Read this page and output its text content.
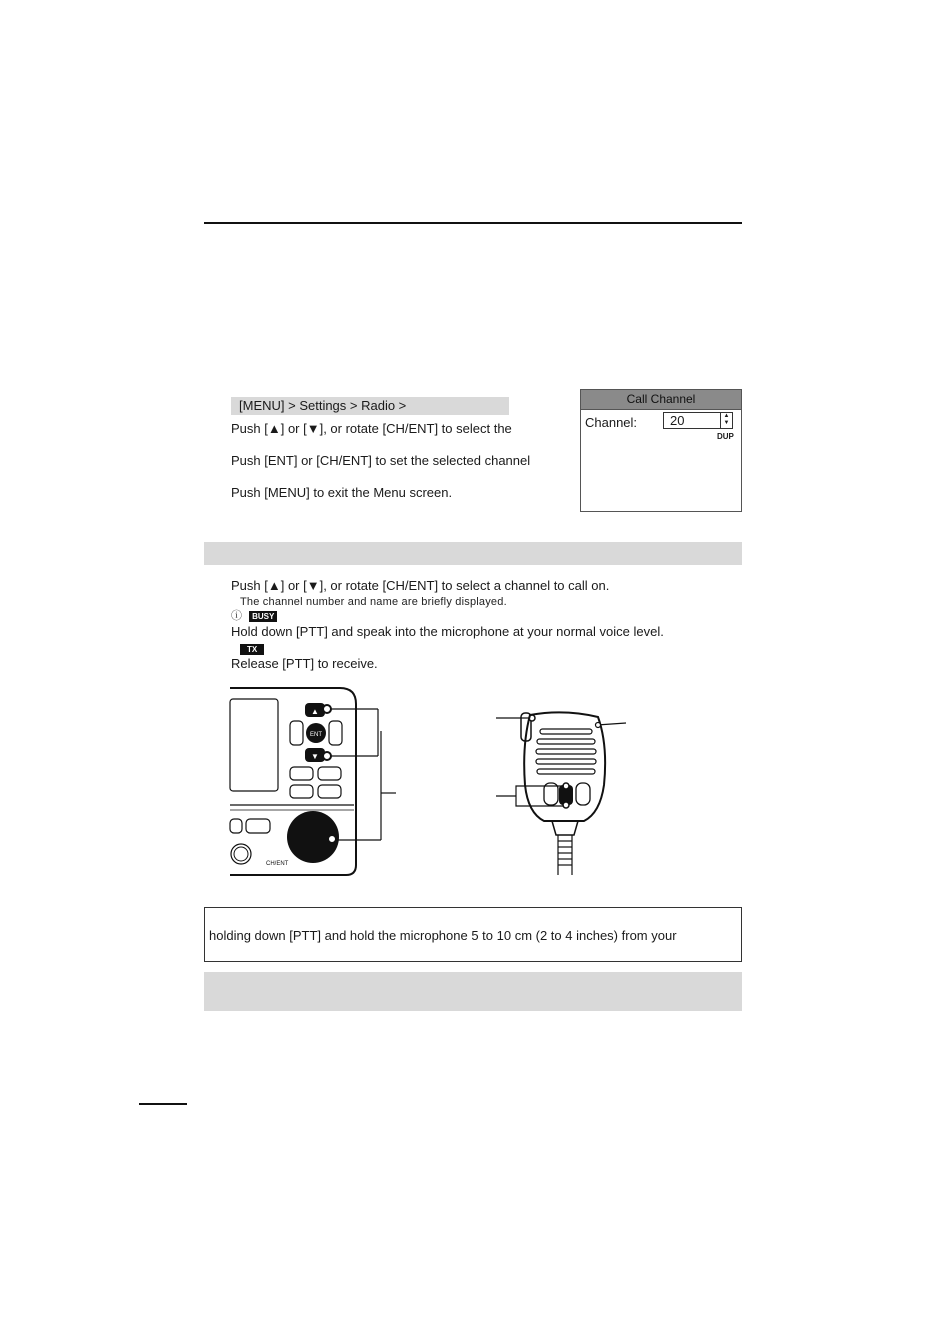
[MENU] > Settings > Radio >
Push [▲] or [▼], or rotate [CH/ENT] to select the
Push [ENT] or [CH/ENT] to set the selected channel
Push [MENU] to exit the Menu screen.
Call Channel
Channel:	20	▲
▼
DUP
Push [▲] or [▼], or rotate [CH/ENT] to select a channel to call on.
The channel number and name are briefly displayed.
ⓘ BUSY
Hold down [PTT] and speak into the microphone at your normal voice level.
TX
Release [PTT] to receive.
▲
ENT
▼
CH/ENT
holding down [PTT] and hold the microphone 5 to 10 cm (2 to 4 inches) from your
